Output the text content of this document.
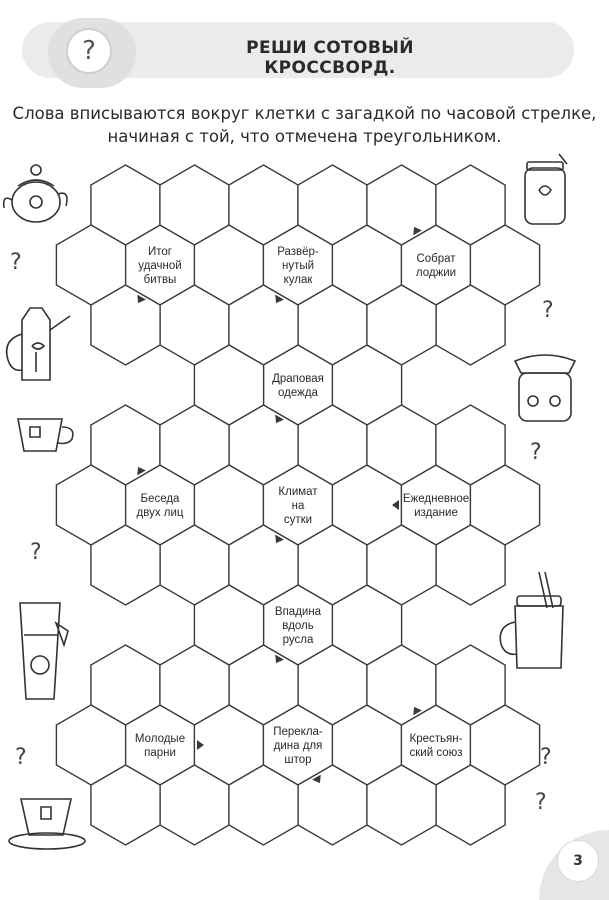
?	РЕШИ СОТОВЫЙ КРОССВОРД.
Слова вписываются вокруг клетки с загадкой по часовой стрелке,
начиная с той, что отмечена треугольником.
Итог
удачной
битвы
Развёр-
нутый
кулак
Собрат
лоджии
Драповая
одежда
Беседа
двух лиц
Климат
на
сутки
Ежедневное
издание
Впадина
вдоль
русла
Молодые
парни
Перекла-
дина для
штор
Крестьян-
ский союз
?
?
?
?
?
?
?
3
